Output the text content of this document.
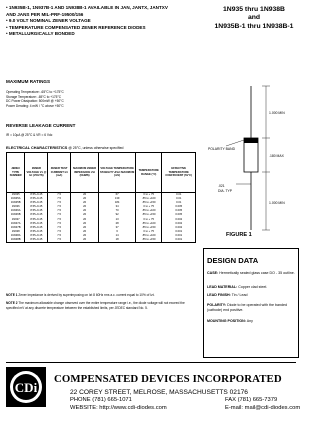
• 1N935B-1, 1N937B-1 AND 1N938B-1 AVAILABLE IN JAN, JANTX, JANTXV
AND JANS PER MIL-PRF-19500/156
• 9.0 VOLT NOMINAL ZENER VOLTAGE
• TEMPERATURE COMPENSATED ZENER REFERENCE DIODES
• METALLURGICALLY BONDED
1N935 thru 1N938B
and
1N935B-1 thru 1N938B-1
MAXIMUM RATINGS
Operating Temperature: -65°C to +175°C
Storage Temperature: -65°C to +175°C
DC Power Dissipation: 500mW @ +50°C
Power Derating: 4 mW / °C above +50°C
REVERSE LEAKAGE CURRENT
IR = 10µA @ 25°C & VR = 6 Vdc
ELECTRICAL CHARACTERISTICS @ 25°C, unless otherwise specified
JEDEC TYPE NUMBER	ZENER VOLTAGE Vz @ Izt (VOLTS)	ZENER TEST CURRENT Izt (mA)	MAXIMUM ZENER IMPEDANCE Zzt (OHMS)	VOLTAGE TEMPERATURE STABILITY ΔVzt MAXIMUM (mV)	TEMPERATURE RANGE (°C)	EFFECTIVE TEMPERATURE COEFFICIENT (%/°C)
1N935	8.55~9.45	7.5	20	67	0 to + 75	0.01
1N935A	8.55~9.45	7.5	20	139	-55 to +100	0.01
1N935B	8.55~9.45	7.5	20	184	-55 to +150	0.01
1N936	8.55~9.45	7.5	20	34	0 to + 75	0.005
1N936A	8.55~9.45	7.5	20	70	-55 to +100	0.005
1N936B	8.55~9.45	7.5	20	92	-55 to +150	0.005
1N937	8.55~9.45	7.5	20	13	0 to + 75	0.002
1N937A	8.55~9.45	7.5	20	28	-55 to +100	0.002
1N937B	8.55~9.45	7.5	20	37	-55 to +150	0.002
1N938	8.55~9.45	7.5	20	6	0 to + 75	0.001
1N938A	8.55~9.45	7.5	20	14	-55 to +100	0.001
1N938B	8.55~9.45	7.5	20	18	-55 to +150	0.001
NOTE 1 Zener impedance is derived by superimposing on Izt 8 60Hz rms a.c. current equal to 10% of Izt.
NOTE 2 The maximum allowable change observed over the entire temperature range i.e., the diode voltage will not exceed the specified mV at any discrete temperature between the established limits, per JEDEC standard No. 5.
POLARITY BAND
1.000 MIN
.180 MAX
.021
DIA. TYP
1.000 MIN
FIGURE 1
DESIGN DATA
CASE: Hermetically sealed glass case DO - 35 outline.
LEAD MATERIAL: Copper clad steel.
LEAD FINISH: Tin / Lead
POLARITY: Diode to be operated with the banded (cathode) end positive.
MOUNTING POSITION: Any
CDi
COMPENSATED DEVICES INCORPORATED
22 COREY STREET, MELROSE, MASSACHUSETTS 02176
PHONE (781) 665-1071	FAX (781) 665-7379
WEBSITE: http://www.cdi-diodes.com	E-mail: mail@cdi-diodes.com
